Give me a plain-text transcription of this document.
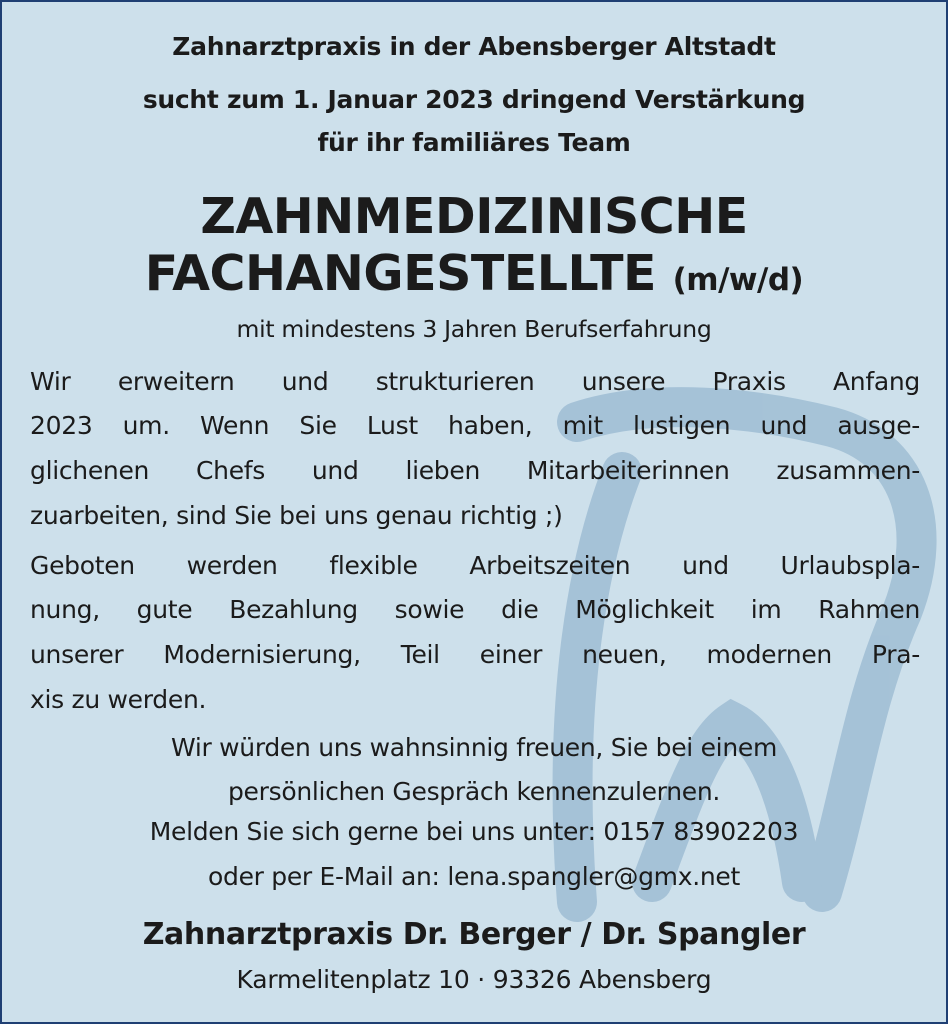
Zahnarztpraxis in der Abensberger Altstadt
sucht zum 1. Januar 2023 dringend Verstärkung
für ihr familiäres Team
ZAHNMEDIZINISCHE
FACHANGESTELLTE (m/w/d)
mit mindestens 3 Jahren Berufserfahrung
Wir erweitern und strukturieren unsere Praxis Anfang
2023 um. Wenn Sie Lust haben, mit lustigen und ausge-
glichenen Chefs und lieben Mitarbeiterinnen zusammen-
zuarbeiten, sind Sie bei uns genau richtig ;)
Geboten werden flexible Arbeitszeiten und Urlaubspla-
nung, gute Bezahlung sowie die Möglichkeit im Rahmen
unserer Modernisierung, Teil einer neuen, modernen Pra-
xis zu werden.
Wir würden uns wahnsinnig freuen, Sie bei einem
persönlichen Gespräch kennenzulernen.
Melden Sie sich gerne bei uns unter: 0157 83902203
oder per E-Mail an: lena.spangler@gmx.net
Zahnarztpraxis Dr. Berger / Dr. Spangler
Karmelitenplatz 10 · 93326 Abensberg
